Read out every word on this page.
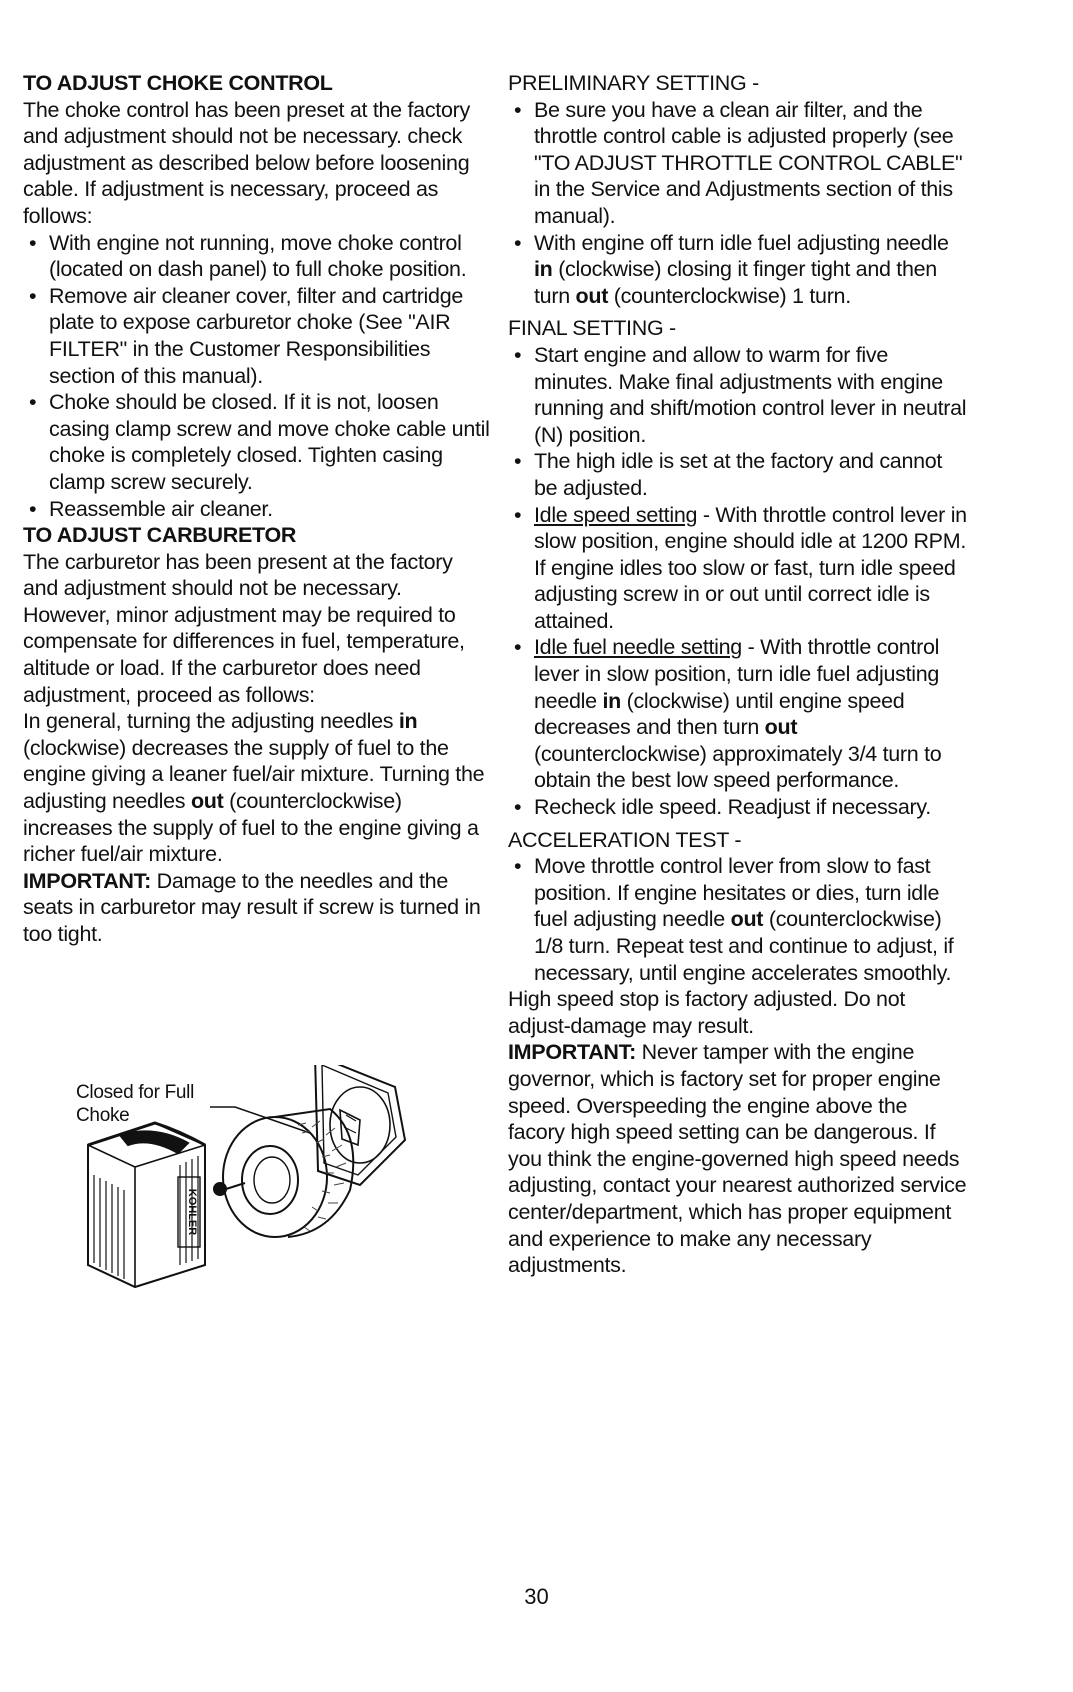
TO ADJUST CHOKE CONTROL

The choke control has been preset at the factory and adjustment should not be necessary. check adjustment as described below before loosening cable. If adjustment is necessary, proceed as follows:

• With engine not running, move choke control (located on dash panel) to full choke position.
• Remove air cleaner cover, filter and cartridge plate to expose carburetor choke (See "AIR FILTER" in the Customer Responsibilities section of this manual).
• Choke should be closed. If it is not, loosen casing clamp screw and move choke cable until choke is completely closed. Tighten casing clamp screw securely.
• Reassemble air cleaner.

TO ADJUST CARBURETOR

The carburetor has been present at the factory and adjustment should not be necessary. However, minor adjustment may be required to compensate for differences in fuel, temperature, altitude or load. If the carburetor does need adjustment, proceed as follows:

In general, turning the adjusting needles in (clockwise) decreases the supply of fuel to the engine giving a leaner fuel/air mixture. Turning the adjusting needles out (counterclockwise) increases the supply of fuel to the engine giving a richer fuel/air mixture.

IMPORTANT: Damage to the needles and the seats in carburetor may result if screw is turned in too tight.

Closed for Full
Choke
KOHLER

PRELIMINARY SETTING -

• Be sure you have a clean air filter, and the throttle control cable is adjusted properly (see "TO ADJUST THROTTLE CONTROL CABLE" in the Service and Adjustments section of this manual).
• With engine off turn idle fuel adjusting needle in (clockwise) closing it finger tight and then turn out (counterclockwise) 1 turn.

FINAL SETTING -

• Start engine and allow to warm for five minutes. Make final adjustments with engine running and shift/motion control lever in neutral (N) position.
• The high idle is set at the factory and cannot be adjusted.
• Idle speed setting - With throttle control lever in slow position, engine should idle at 1200 RPM. If engine idles too slow or fast, turn idle speed adjusting screw in or out until correct idle is attained.
• Idle fuel needle setting - With throttle control lever in slow position, turn idle fuel adjusting needle in (clockwise) until engine speed decreases and then turn out (counterclockwise) approximately 3/4 turn to obtain the best low speed performance.
• Recheck idle speed. Readjust if necessary.

ACCELERATION TEST -

• Move throttle control lever from slow to fast position. If engine hesitates or dies, turn idle fuel adjusting needle out (counterclockwise) 1/8 turn. Repeat test and continue to adjust, if necessary, until engine accelerates smoothly.

High speed stop is factory adjusted. Do not adjust-damage may result.

IMPORTANT: Never tamper with the engine governor, which is factory set for proper engine speed. Overspeeding the engine above the facory high speed setting can be dangerous. If you think the engine-governed high speed needs adjusting, contact your nearest authorized service center/department, which has proper equipment and experience to make any necessary adjustments.

30
